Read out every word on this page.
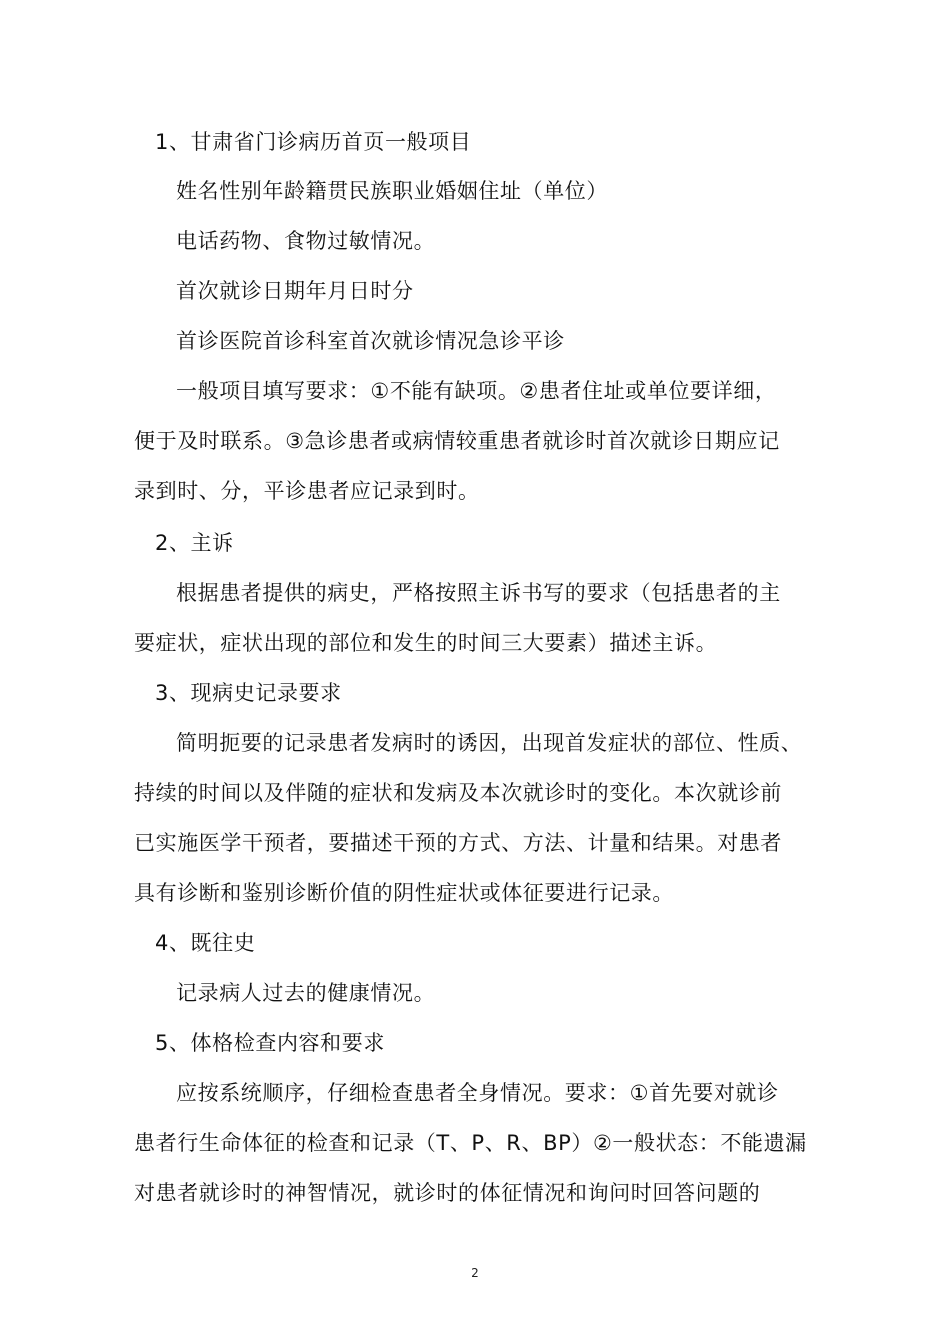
1、甘肃省门诊病历首页一般项目
姓名性别年龄籍贯民族职业婚姻住址（单位）
电话药物、食物过敏情况。
首次就诊日期年月日时分
首诊医院首诊科室首次就诊情况急诊平诊
一般项目填写要求：①不能有缺项。②患者住址或单位要详细，
便于及时联系。③急诊患者或病情较重患者就诊时首次就诊日期应记
录到时、分，平诊患者应记录到时。
2、主诉
根据患者提供的病史，严格按照主诉书写的要求（包括患者的主
要症状，症状出现的部位和发生的时间三大要素）描述主诉。
3、现病史记录要求
简明扼要的记录患者发病时的诱因，出现首发症状的部位、性质、
持续的时间以及伴随的症状和发病及本次就诊时的变化。本次就诊前
已实施医学干预者，要描述干预的方式、方法、计量和结果。对患者
具有诊断和鉴别诊断价值的阴性症状或体征要进行记录。
4、既往史
记录病人过去的健康情况。
5、体格检查内容和要求
应按系统顺序，仔细检查患者全身情况。要求：①首先要对就诊
患者行生命体征的检查和记录（T、P、R、BP）②一般状态：不能遗漏
对患者就诊时的神智情况，就诊时的体征情况和询问时回答问题的
2
